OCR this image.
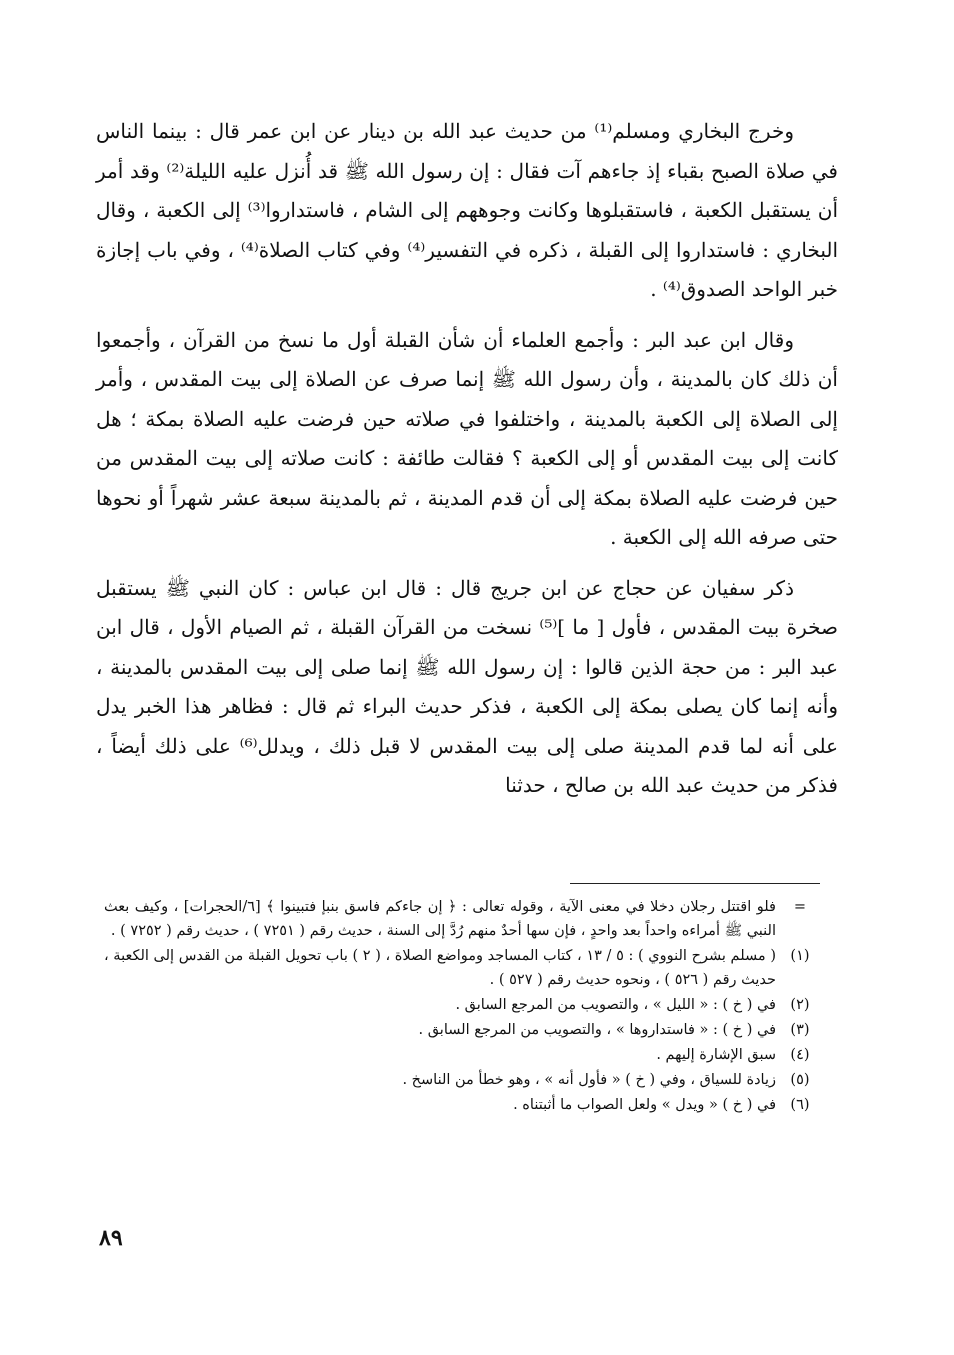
وخرج البخاري ومسلم⁽¹⁾ من حديث عبد الله بن دينار عن ابن عمر قال : بينما الناس في صلاة الصبح بقباء إذ جاءهم آت فقال : إن رسول الله ﷺ قد أُنزل عليه الليلة⁽²⁾ وقد أمر أن يستقبل الكعبة ، فاستقبلوها وكانت وجوههم إلى الشام ، فاستداروا⁽³⁾ إلى الكعبة ، وقال البخاري : فاستداروا إلى القبلة ، ذكره في التفسير⁽⁴⁾ وفي كتاب الصلاة⁽⁴⁾ ، وفي باب إجازة خبر الواحد الصدوق⁽⁴⁾ .

وقال ابن عبد البر : وأجمع العلماء أن شأن القبلة أول ما نسخ من القرآن ، وأجمعوا أن ذلك كان بالمدينة ، وأن رسول الله ﷺ إنما صرف عن الصلاة إلى بيت المقدس ، وأمر إلى الصلاة إلى الكعبة بالمدينة ، واختلفوا في صلاته حين فرضت عليه الصلاة بمكة ؛ هل كانت إلى بيت المقدس أو إلى الكعبة ؟ فقالت طائفة : كانت صلاته إلى بيت المقدس من حين فرضت عليه الصلاة بمكة إلى أن قدم المدينة ، ثم بالمدينة سبعة عشر شهراً أو نحوها حتى صرفه الله إلى الكعبة .

ذكر سفيان عن حجاج عن ابن جريج قال : قال ابن عباس : كان النبي ﷺ يستقبل صخرة بيت المقدس ، فأول [ ما ]⁽⁵⁾ نسخت من القرآن القبلة ، ثم الصيام الأول ، قال ابن عبد البر : من حجة الذين قالوا : إن رسول الله ﷺ إنما صلى إلى بيت المقدس بالمدينة ، وأنه إنما كان يصلى بمكة إلى الكعبة ، فذكر حديث البراء ثم قال : فظاهر هذا الخبر يدل على أنه لما قدم المدينة صلى إلى بيت المقدس لا قبل ذلك ، ويدلل⁽⁶⁾ على ذلك أيضاً ، فذكر من حديث عبد الله بن صالح ، حدثنا

=
فلو اقتتل رجلان دخلا في معنى الآية ، وقوله تعالى : ﴿ إن جاءكم فاسق بنبإ فتبينوا ﴾ [٦/الحجرات] ، وكيف بعث النبي ﷺ أمراءه واحداً بعد واحدٍ ، فإن سها أحدٌ منهم رُدَّ إلى السنة ، حديث رقم ( ٧٢٥١ ) ، حديث رقم ( ٧٢٥٢ ) .
(١)
( مسلم بشرح النووي ) : ٥ / ١٣ ، كتاب المساجد ومواضع الصلاة ، ( ٢ ) باب تحويل القبلة من القدس إلى الكعبة ، حديث رقم ( ٥٢٦ ) ، ونحوه حديث رقم ( ٥٢٧ ) .
(٢)
في ( خ ) : « الليل » ، والتصويب من المرجع السابق .
(٣)
في ( خ ) : « فاستداروها » ، والتصويب من المرجع السابق .
(٤)
سبق الإشارة إليهم .
(٥)
زيادة للسياق ، وفي ( خ ) « فأول أنه » ، وهو خطأ من الناسخ .
(٦)
في ( خ ) « ويدل » ولعل الصواب ما أثبتناه .
٨٩
